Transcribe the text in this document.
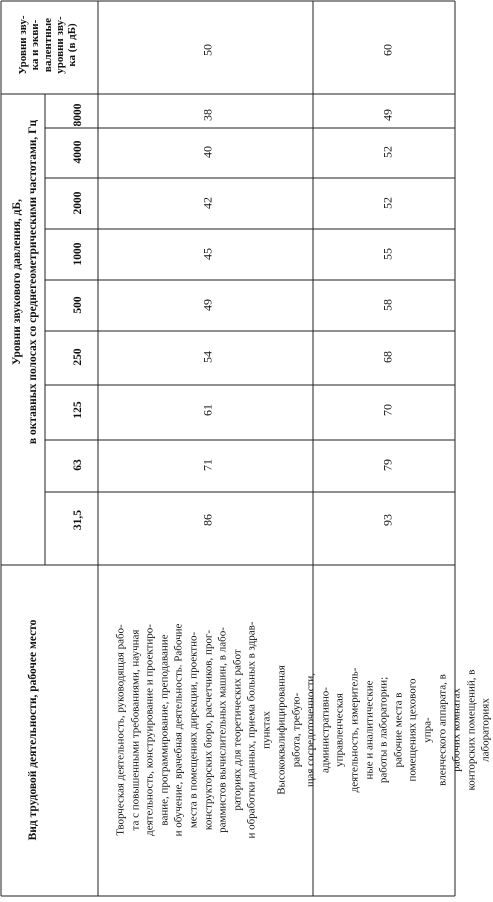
Вид трудовой деятельности, рабочее место
Уровни звукового давления, дБ, в октавных полосах со среднегеометрическими частотами, Гц
Уровни зву-
ка и экви-
валентные
уровни зву-
ка (в дБ)
31,5
63
125
250
500
1000
2000
4000
8000
Творческая деятельность, руководящая рабо-
та с повышенными требованиями, научная
деятельность, конструирование и проектиро-
вание, программирование, преподавание
и обучение, врачебная деятельность. Рабочие
места в помещениях дирекции, проектно-
конструкторских бюро, расчетчиков, прог-
раммистов вычислительных машин, в лабо-
раториях для теоретических работ
и обработки данных, приема больных в здрав-
пунктах
86
71
61
54
49
45
42
40
38
50
Высококвалифицированная работа, требую-
щая сосредоточенности, административно-
управленческая деятельность, измеритель-
ные и аналитические работы в лаборатории;
рабочие места в помещениях цехового упра-
вленческого аппарата, в рабочих комнатах
конторских помещений, в лабораториях
93
79
70
68
58
55
52
52
49
60
